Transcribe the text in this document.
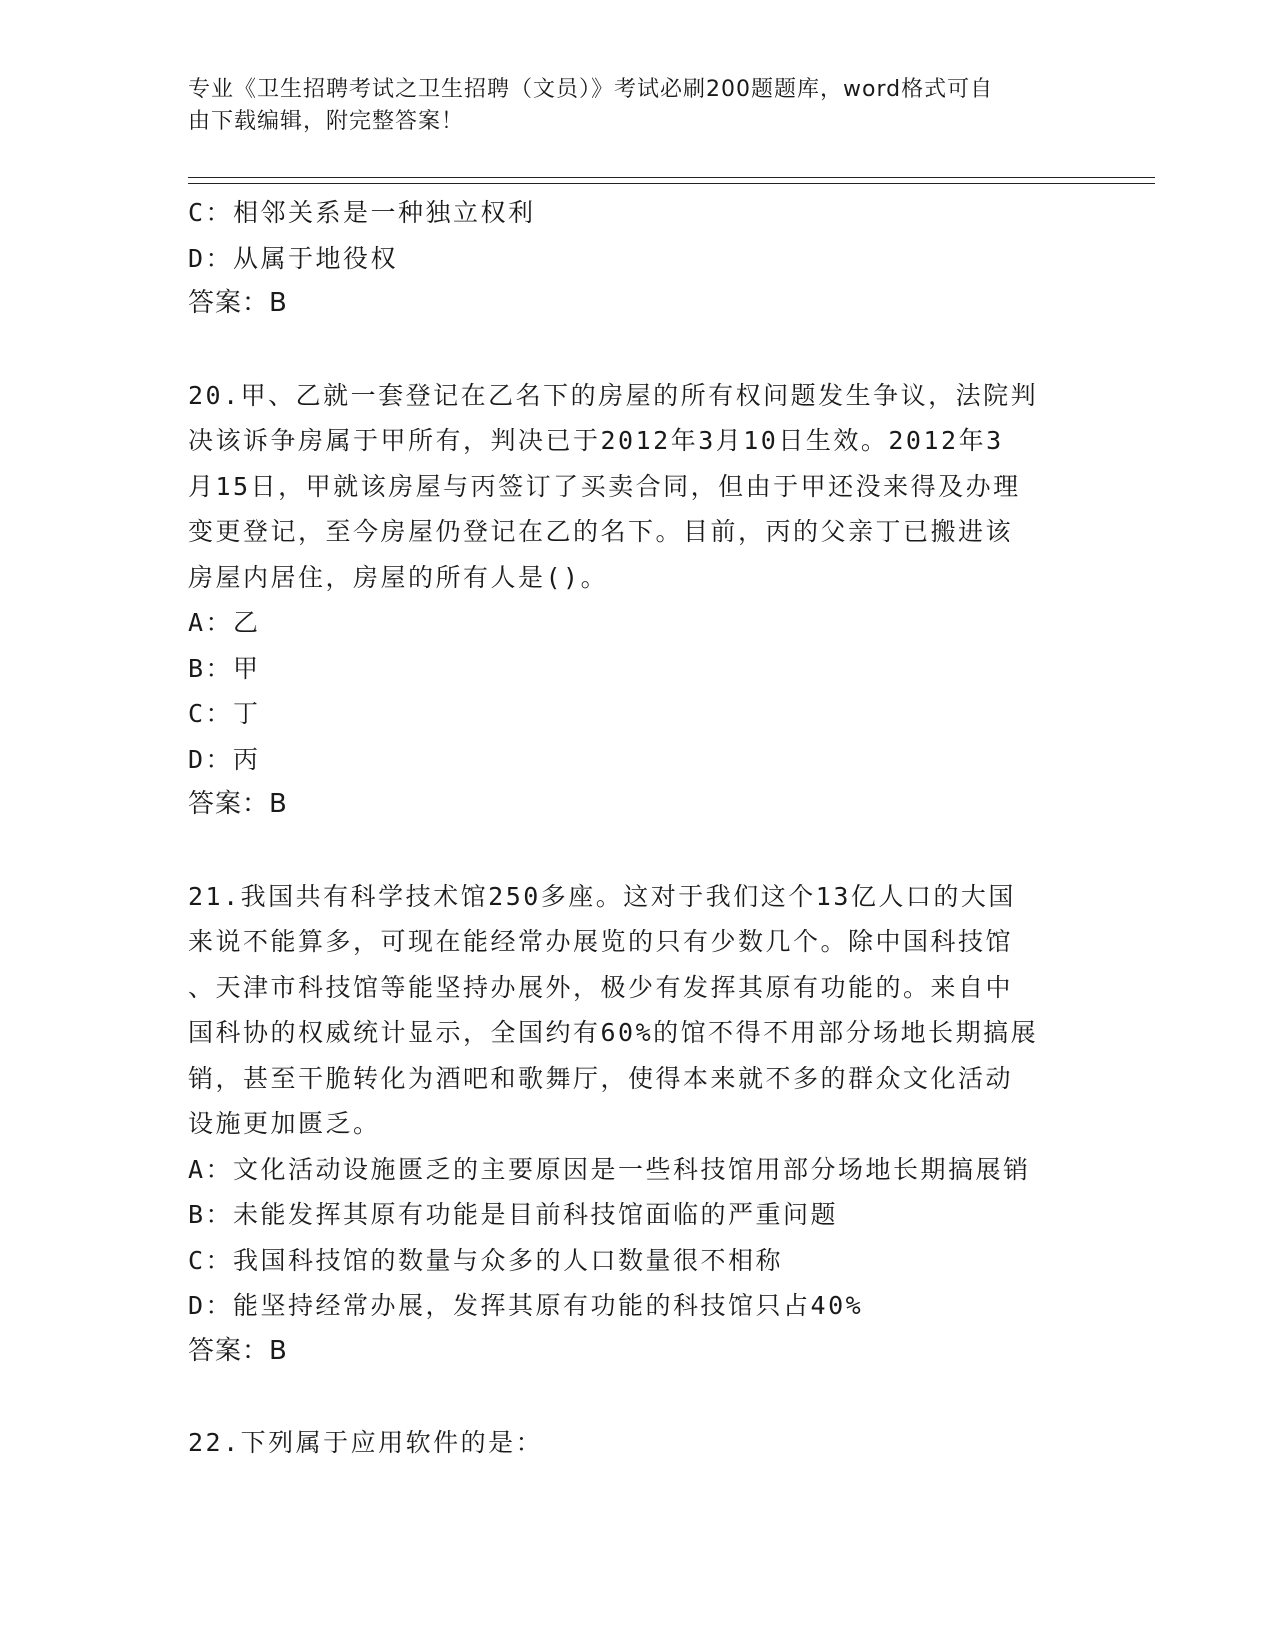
专业《卫生招聘考试之卫生招聘（文员）》考试必刷200题题库，word格式可自
由下载编辑，附完整答案！
C：相邻关系是一种独立权利
D：从属于地役权
答案：B
20.甲、乙就一套登记在乙名下的房屋的所有权问题发生争议，法院判
决该诉争房属于甲所有，判决已于2012年3月10日生效。2012年3
月15日，甲就该房屋与丙签订了买卖合同，但由于甲还没来得及办理
变更登记，至今房屋仍登记在乙的名下。目前，丙的父亲丁已搬进该
房屋内居住，房屋的所有人是()。
A：乙
B：甲
C：丁
D：丙
答案：B
21.我国共有科学技术馆250多座。这对于我们这个13亿人口的大国
来说不能算多，可现在能经常办展览的只有少数几个。除中国科技馆
、天津市科技馆等能坚持办展外，极少有发挥其原有功能的。来自中
国科协的权威统计显示，全国约有60%的馆不得不用部分场地长期搞展
销，甚至干脆转化为酒吧和歌舞厅，使得本来就不多的群众文化活动
设施更加匮乏。
A：文化活动设施匮乏的主要原因是一些科技馆用部分场地长期搞展销
B：未能发挥其原有功能是目前科技馆面临的严重问题
C：我国科技馆的数量与众多的人口数量很不相称
D：能坚持经常办展，发挥其原有功能的科技馆只占40%
答案：B
22.下列属于应用软件的是：
